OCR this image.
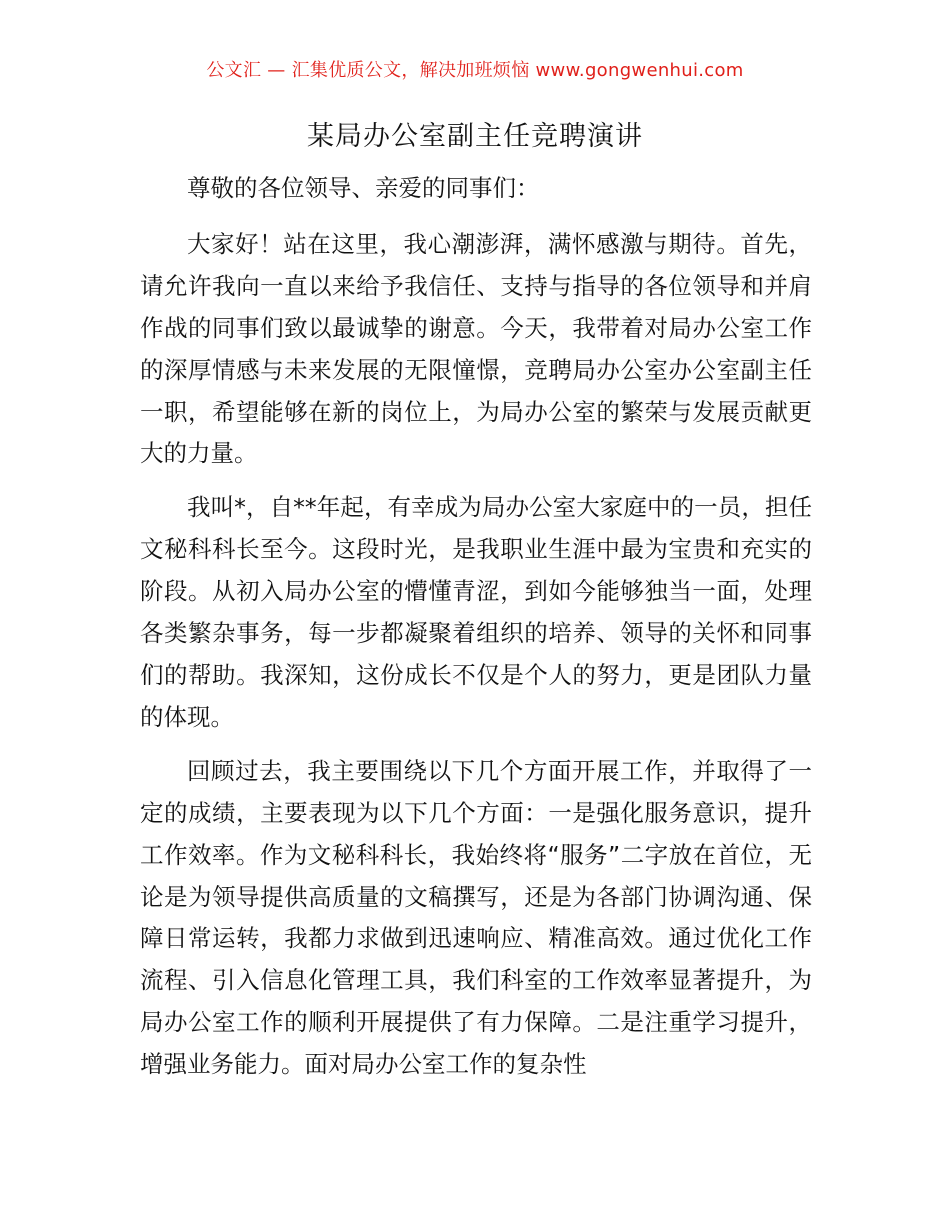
公文汇 — 汇集优质公文，解决加班烦恼 www.gongwenhui.com
某局办公室副主任竞聘演讲

尊敬的各位领导、亲爱的同事们：

大家好！站在这里，我心潮澎湃，满怀感激与期待。首先，请允许我向一直以来给予我信任、支持与指导的各位领导和并肩作战的同事们致以最诚挚的谢意。今天，我带着对局办公室工作的深厚情感与未来发展的无限憧憬，竞聘局办公室办公室副主任一职，希望能够在新的岗位上，为局办公室的繁荣与发展贡献更大的力量。

我叫*，自**年起，有幸成为局办公室大家庭中的一员，担任文秘科科长至今。这段时光，是我职业生涯中最为宝贵和充实的阶段。从初入局办公室的懵懂青涩，到如今能够独当一面，处理各类繁杂事务，每一步都凝聚着组织的培养、领导的关怀和同事们的帮助。我深知，这份成长不仅是个人的努力，更是团队力量的体现。

回顾过去，我主要围绕以下几个方面开展工作，并取得了一定的成绩，主要表现为以下几个方面：一是强化服务意识，提升工作效率。作为文秘科科长，我始终将“服务”二字放在首位，无论是为领导提供高质量的文稿撰写，还是为各部门协调沟通、保障日常运转，我都力求做到迅速响应、精准高效。通过优化工作流程、引入信息化管理工具，我们科室的工作效率显著提升，为局办公室工作的顺利开展提供了有力保障。二是注重学习提升，增强业务能力。面对局办公室工作的复杂性
